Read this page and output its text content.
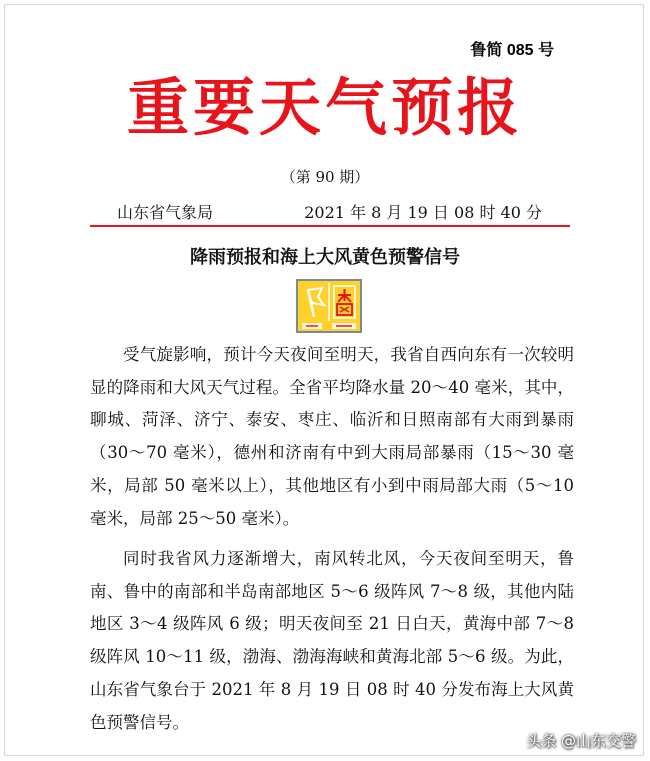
鲁简 085 号
重要天气预报
（第 90 期）
山东省气象局	2021 年 8 月 19 日 08 时 40 分
降雨预报和海上大风黄色预警信号

受气旋影响，预计今天夜间至明天，我省自西向东有一次较明显的降雨和大风天气过程。全省平均降水量 20～40 毫米，其中，聊城、菏泽、济宁、泰安、枣庄、临沂和日照南部有大雨到暴雨（30～70 毫米），德州和济南有中到大雨局部暴雨（15～30 毫米，局部 50 毫米以上），其他地区有小到中雨局部大雨（5～10 毫米，局部 25～50 毫米）。

同时我省风力逐渐增大，南风转北风，今天夜间至明天，鲁南、鲁中的南部和半岛南部地区 5～6 级阵风 7～8 级，其他内陆地区 3～4 级阵风 6 级；明天夜间至 21 日白天，黄海中部 7～8 级阵风 10～11 级，渤海、渤海海峡和黄海北部 5～6 级。为此，山东省气象台于 2021 年 8 月 19 日 08 时 40 分发布海上大风黄色预警信号。

头条 @山东交警
